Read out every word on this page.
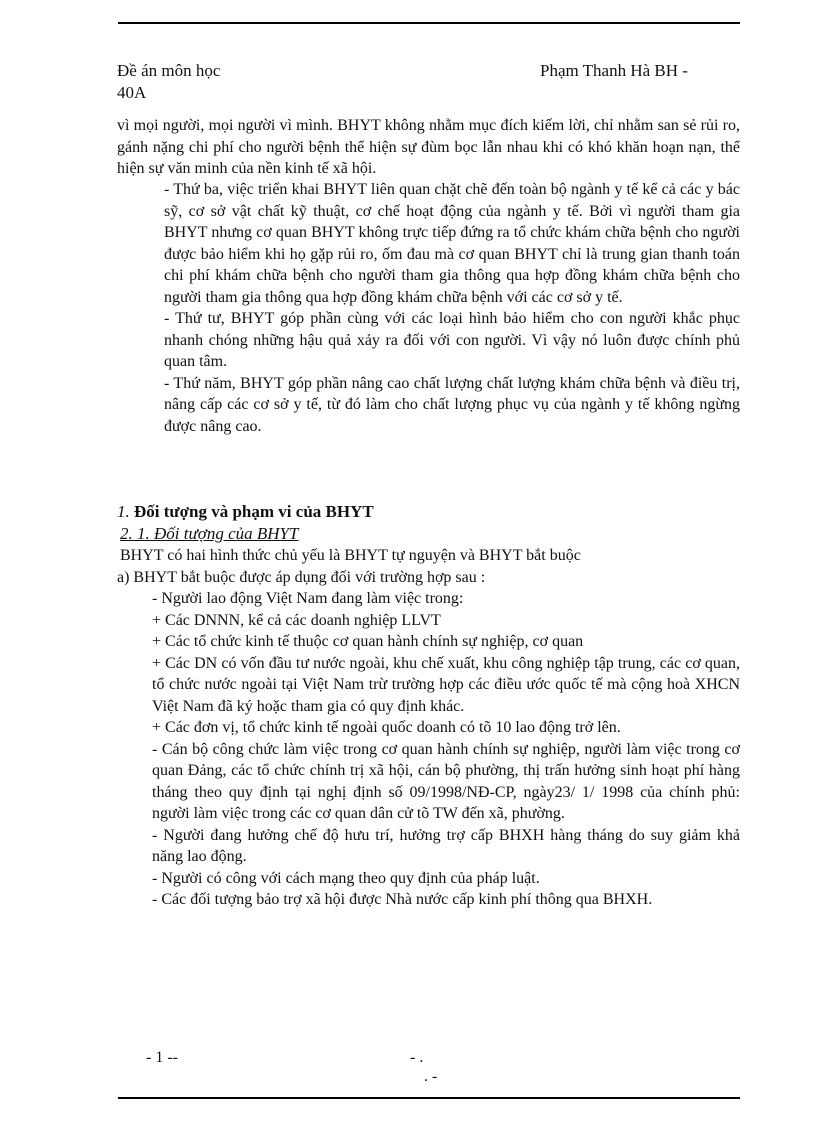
Đề án môn học
40A
Phạm Thanh Hà BH -
vì mọi người, mọi người vì mình. BHYT không nhằm mục đích kiếm lời, chỉ nhằm san sẻ rủi ro, gánh nặng chi phí cho người bệnh thể hiện sự đùm bọc lẫn nhau khi có khó khăn hoạn nạn, thể hiện sự văn minh của nền kinh tế xã hội.

- Thứ ba, việc triển khai BHYT liên quan chặt chẽ đến toàn bộ ngành y tế kể cả các y bác sỹ, cơ sở vật chất kỹ thuật, cơ chế hoạt động của ngành y tế. Bởi vì người tham gia BHYT nhưng cơ quan BHYT không trực tiếp đứng ra tổ chức khám chữa bệnh cho người được bảo hiểm khi họ gặp rủi ro, ốm đau mà cơ quan BHYT chỉ là trung gian thanh toán chi phí khám chữa bệnh cho người tham gia thông qua hợp đồng khám chữa bệnh cho người tham gia thông qua hợp đồng khám chữa bệnh với các cơ sở y tế.

- Thứ tư, BHYT góp phần cùng với các loại hình bảo hiểm cho con người khắc phục nhanh chóng những hậu quả xảy ra đối với con người. Vì vậy nó luôn được chính phủ quan tâm.

- Thứ năm, BHYT góp phần nâng cao chất lượng chất lượng khám chữa bệnh và điều trị, nâng cấp các cơ sở y tế, từ đó làm cho chất lượng phục vụ của ngành y tế không ngừng được nâng cao.

1. Đối tượng và phạm vi của BHYT
2. 1. Đối tượng của BHYT
BHYT có hai hình thức chủ yếu là BHYT tự nguyện và BHYT bắt buộc
a) BHYT bắt buộc được áp dụng đối với trường hợp sau :

- Người lao động Việt Nam đang làm việc trong:

+ Các DNNN, kể cả các doanh nghiệp LLVT

+ Các tổ chức kinh tế thuộc cơ quan hành chính sự nghiệp, cơ quan

+ Các DN có vốn đầu tư nước ngoài, khu chế xuất, khu công nghiệp tập trung, các cơ quan, tổ chức nước ngoài tại Việt Nam trừ trường hợp các điều ước quốc tế mà cộng hoà XHCN Việt Nam đã ký hoặc tham gia có quy định khác.

+ Các đơn vị, tổ chức kinh tế ngoài quốc doanh có tõ 10 lao động trở lên.

- Cán bộ công chức làm việc trong cơ quan hành chính sự nghiệp, người làm việc trong cơ quan Đảng, các tổ chức chính trị xã hội, cán bộ phường, thị trấn hưởng sinh hoạt phí hàng tháng theo quy định tại nghị định số 09/1998/NĐ-CP, ngày23/ 1/ 1998 của chính phủ: người làm việc trong các cơ quan dân cử tõ TW đến xã, phường.

- Người đang hưởng chế độ hưu trí, hưởng trợ cấp BHXH hàng tháng do suy giảm khả năng lao động.

- Người có công với cách mạng theo quy định của pháp luật.

- Các đối tượng bảo trợ xã hội được Nhà nước cấp kinh phí thông qua BHXH.

- 1 --	- .
. -
